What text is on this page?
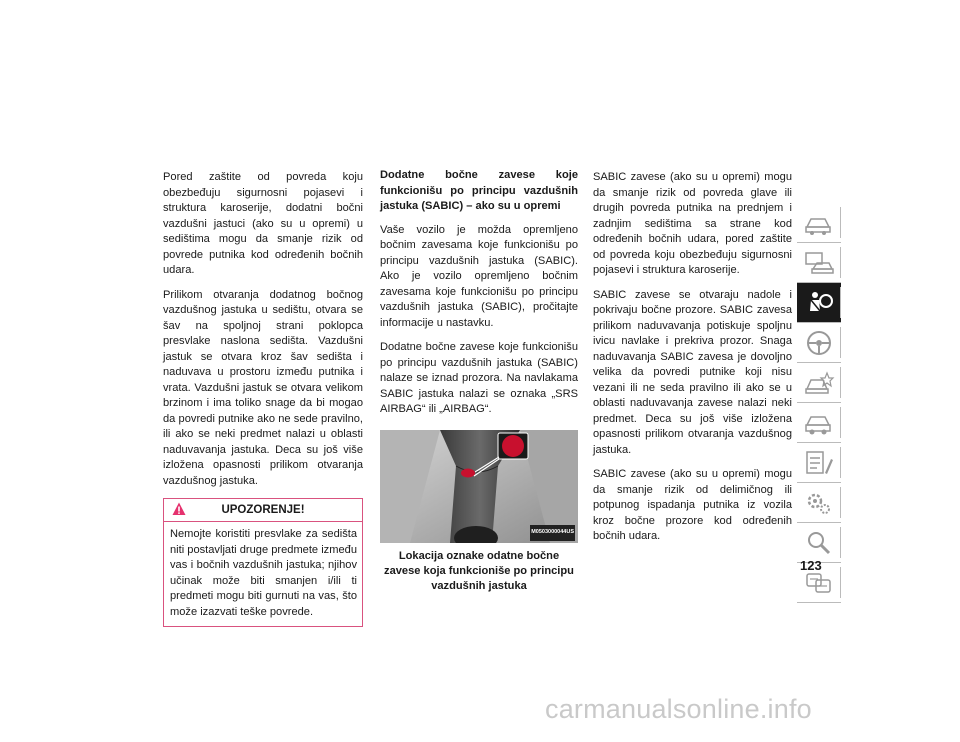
Pored zaštite od povreda koju obezbeđuju sigurnosni pojasevi i struktura karoserije, dodatni bočni vazdušni jastuci (ako su u opremi) u sedištima mogu da smanje rizik od povrede putnika kod određenih bočnih udara.

Prilikom otvaranja dodatnog bočnog vazdušnog jastuka u sedištu, otvara se šav na spoljnoj strani poklopca presvlake naslona sedišta. Vazdušni jastuk se otvara kroz šav sedišta i naduvava u prostoru između putnika i vrata. Vazdušni jastuk se otvara velikom brzinom i ima toliko snage da bi mogao da povredi putnike ako ne sede pravilno, ili ako se neki predmet nalazi u oblasti naduvavanja jastuka. Deca su još više izložena opasnosti prilikom otvaranja vazdušnog jastuka.

UPOZORENJE!
Nemojte koristiti presvlake za sedišta niti postavljati druge predmete između vas i bočnih vazdušnih jastuka; njihov učinak može biti smanjen i/ili ti predmeti mogu biti gurnuti na vas, što može izazvati teške povrede.
Dodatne bočne zavese koje funkcionišu po principu vazdušnih jastuka (SABIC) – ako su u opremi

Vaše vozilo je možda opremljeno bočnim zavesama koje funkcionišu po principu vazdušnih jastuka (SABIC). Ako je vozilo opremljeno bočnim zavesama koje funkcionišu po principu vazdušnih jastuka (SABIC), pročitajte informacije u nastavku.

Dodatne bočne zavese koje funkcionišu po principu vazdušnih jastuka (SABIC) nalaze se iznad prozora. Na navlakama SABIC jastuka nalazi se oznaka „SRS AIRBAG“ ili „AIRBAG“.

M0503000044US
Lokacija oznake odatne bočne zavese koja funkcioniše po principu vazdušnih jastuka

SABIC zavese (ako su u opremi) mogu da smanje rizik od povreda glave ili drugih povreda putnika na prednjem i zadnjim sedištima sa strane kod određenih bočnih udara, pored zaštite od povreda koju obezbeđuju sigurnosni pojasevi i struktura karoserije.

SABIC zavese se otvaraju nadole i pokrivaju bočne prozore. SABIC zavesa prilikom naduvavanja potiskuje spoljnu ivicu navlake i prekriva prozor. Snaga naduvavanja SABIC zavesa je dovoljno velika da povredi putnike koji nisu vezani ili ne seda pravilno ili ako se u oblasti naduvavanja zavese nalazi neki predmet. Deca su još više izložena opasnosti prilikom otvaranja vazdušnog jastuka.

SABIC zavese (ako su u opremi) mogu da smanje rizik od delimičnog ili potpunog ispadanja putnika iz vozila kroz bočne prozore kod određenih bočnih udara.

123
carmanualsonline.info
